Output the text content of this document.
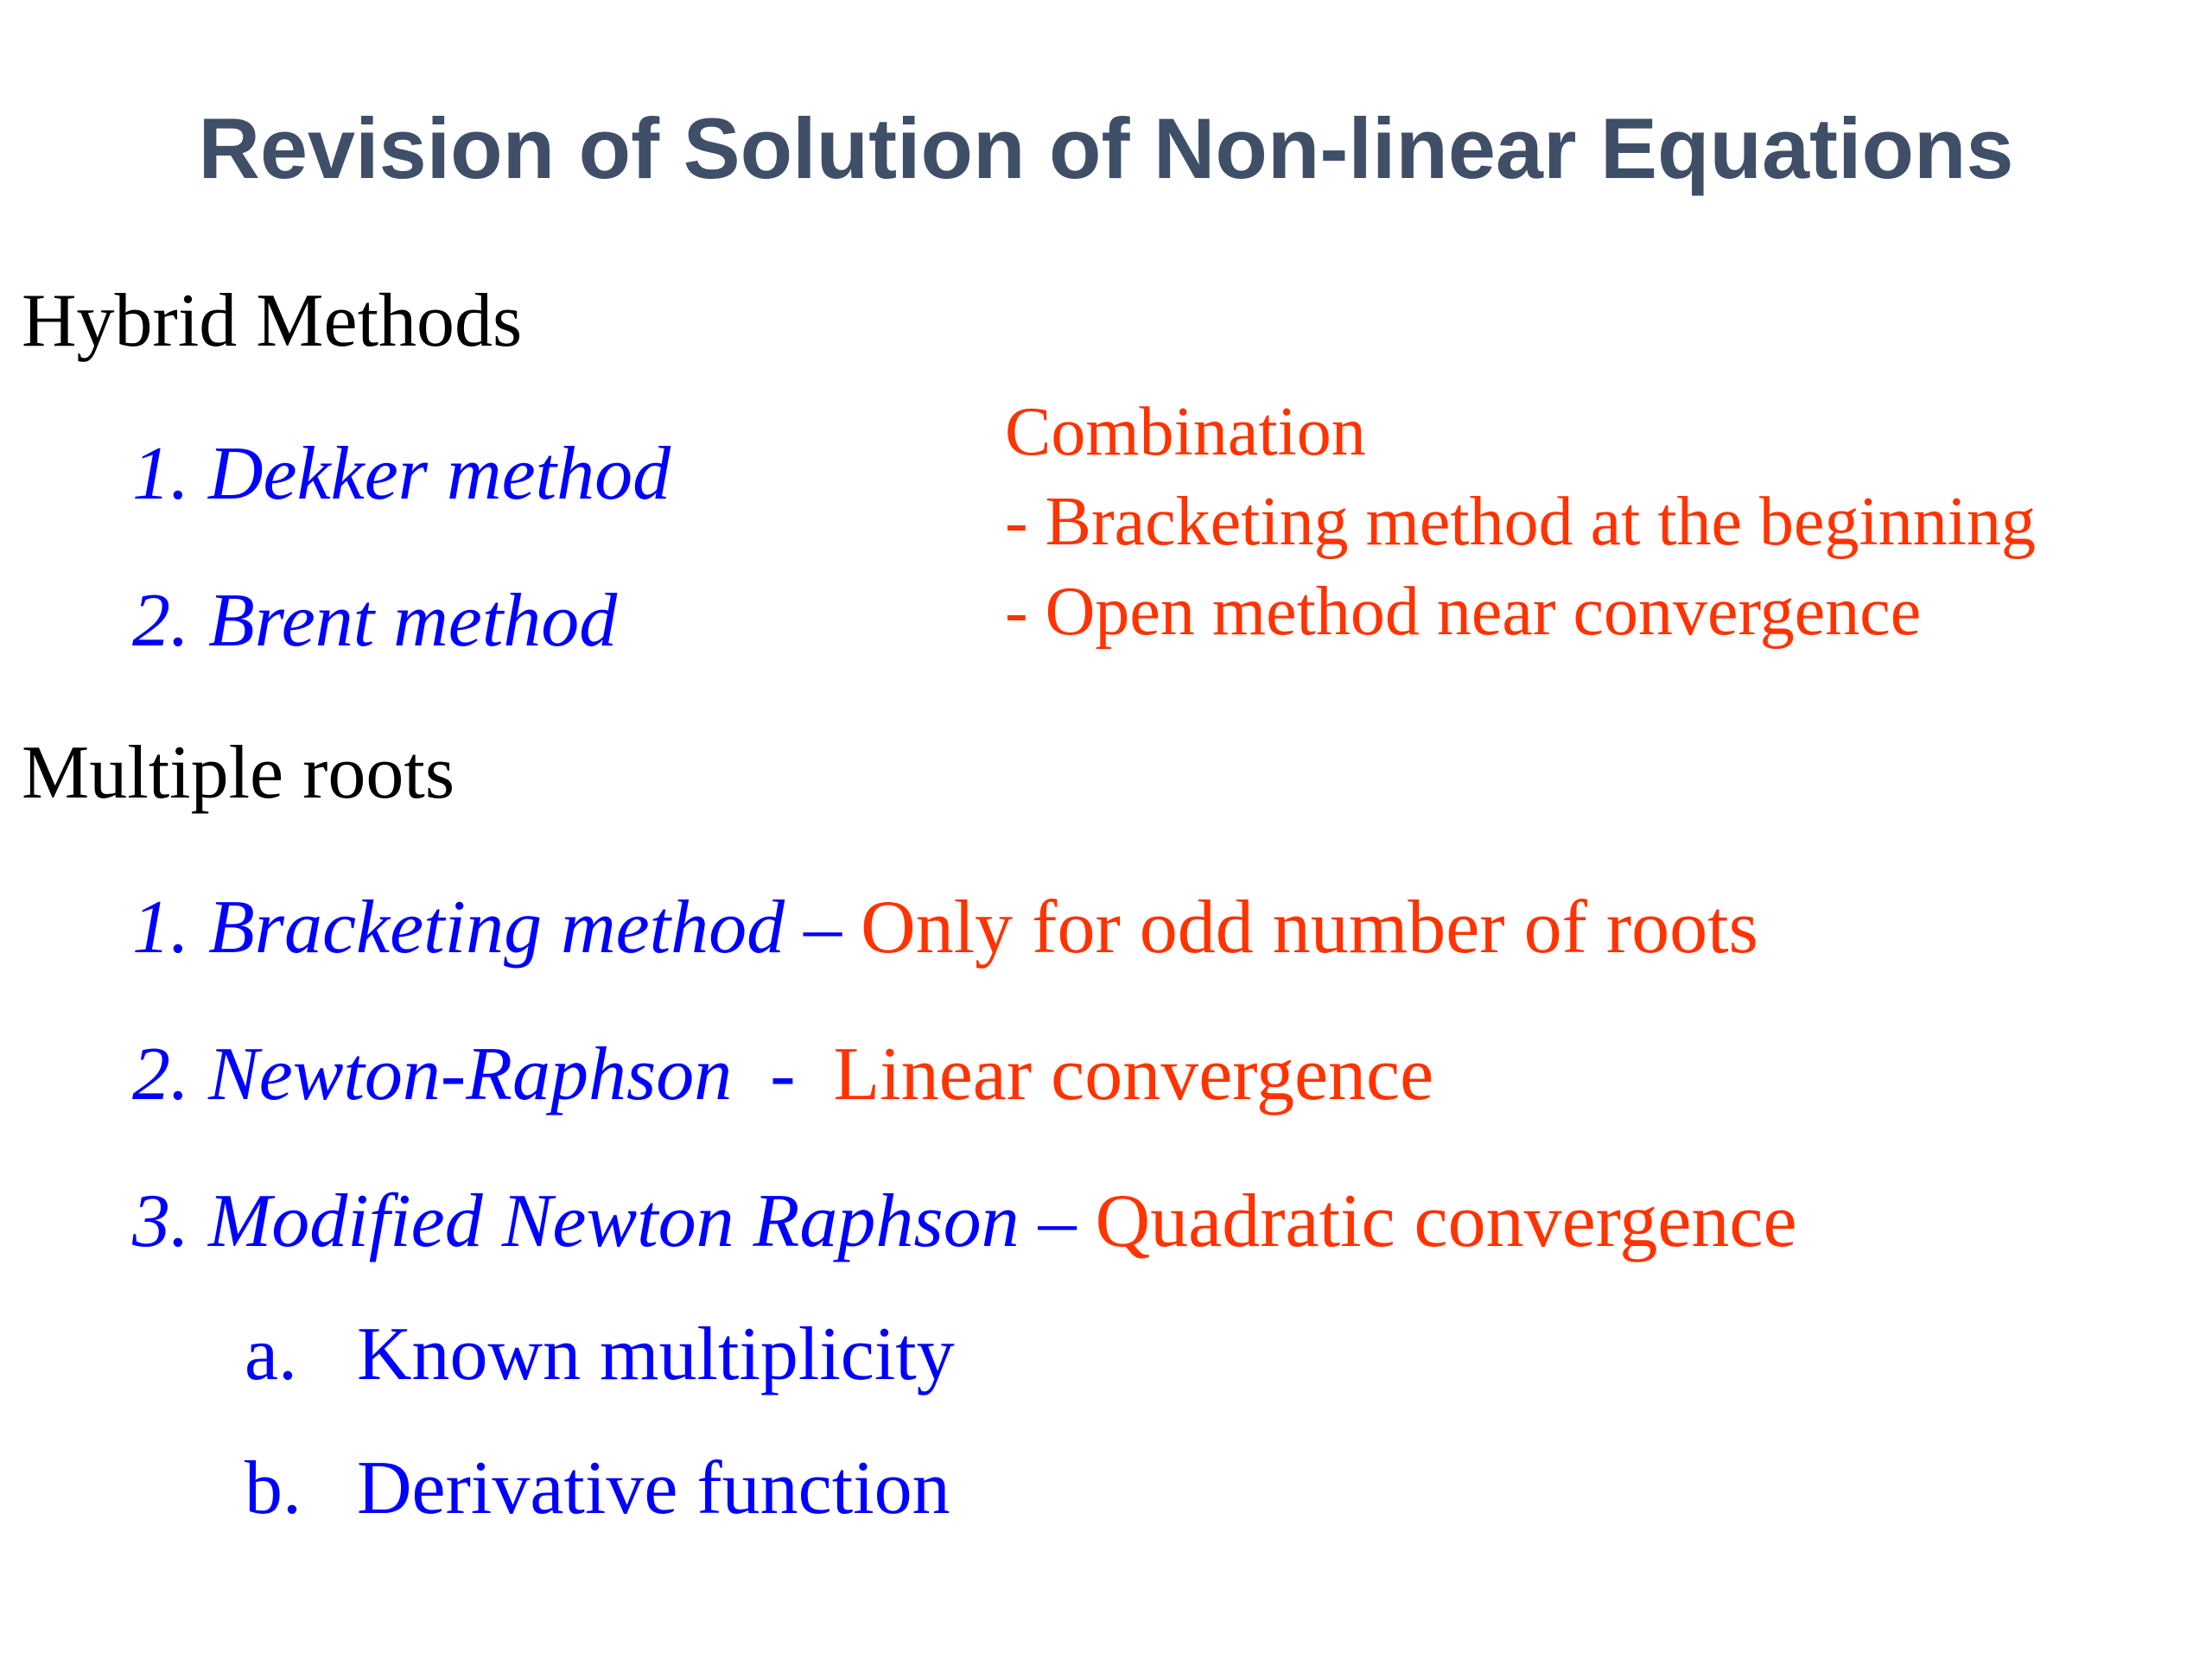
Revision of Solution of Non-linear Equations
Hybrid Methods
1. Dekker method
2. Brent method
Combination
- Bracketing method at the beginning
- Open method near convergence
Multiple roots
1. Bracketing method – Only for odd number of roots
2. Newton-Raphson  -  Linear convergence
3. Modified Newton Raphson – Quadratic convergence
a. Known multiplicity
b. Derivative function
